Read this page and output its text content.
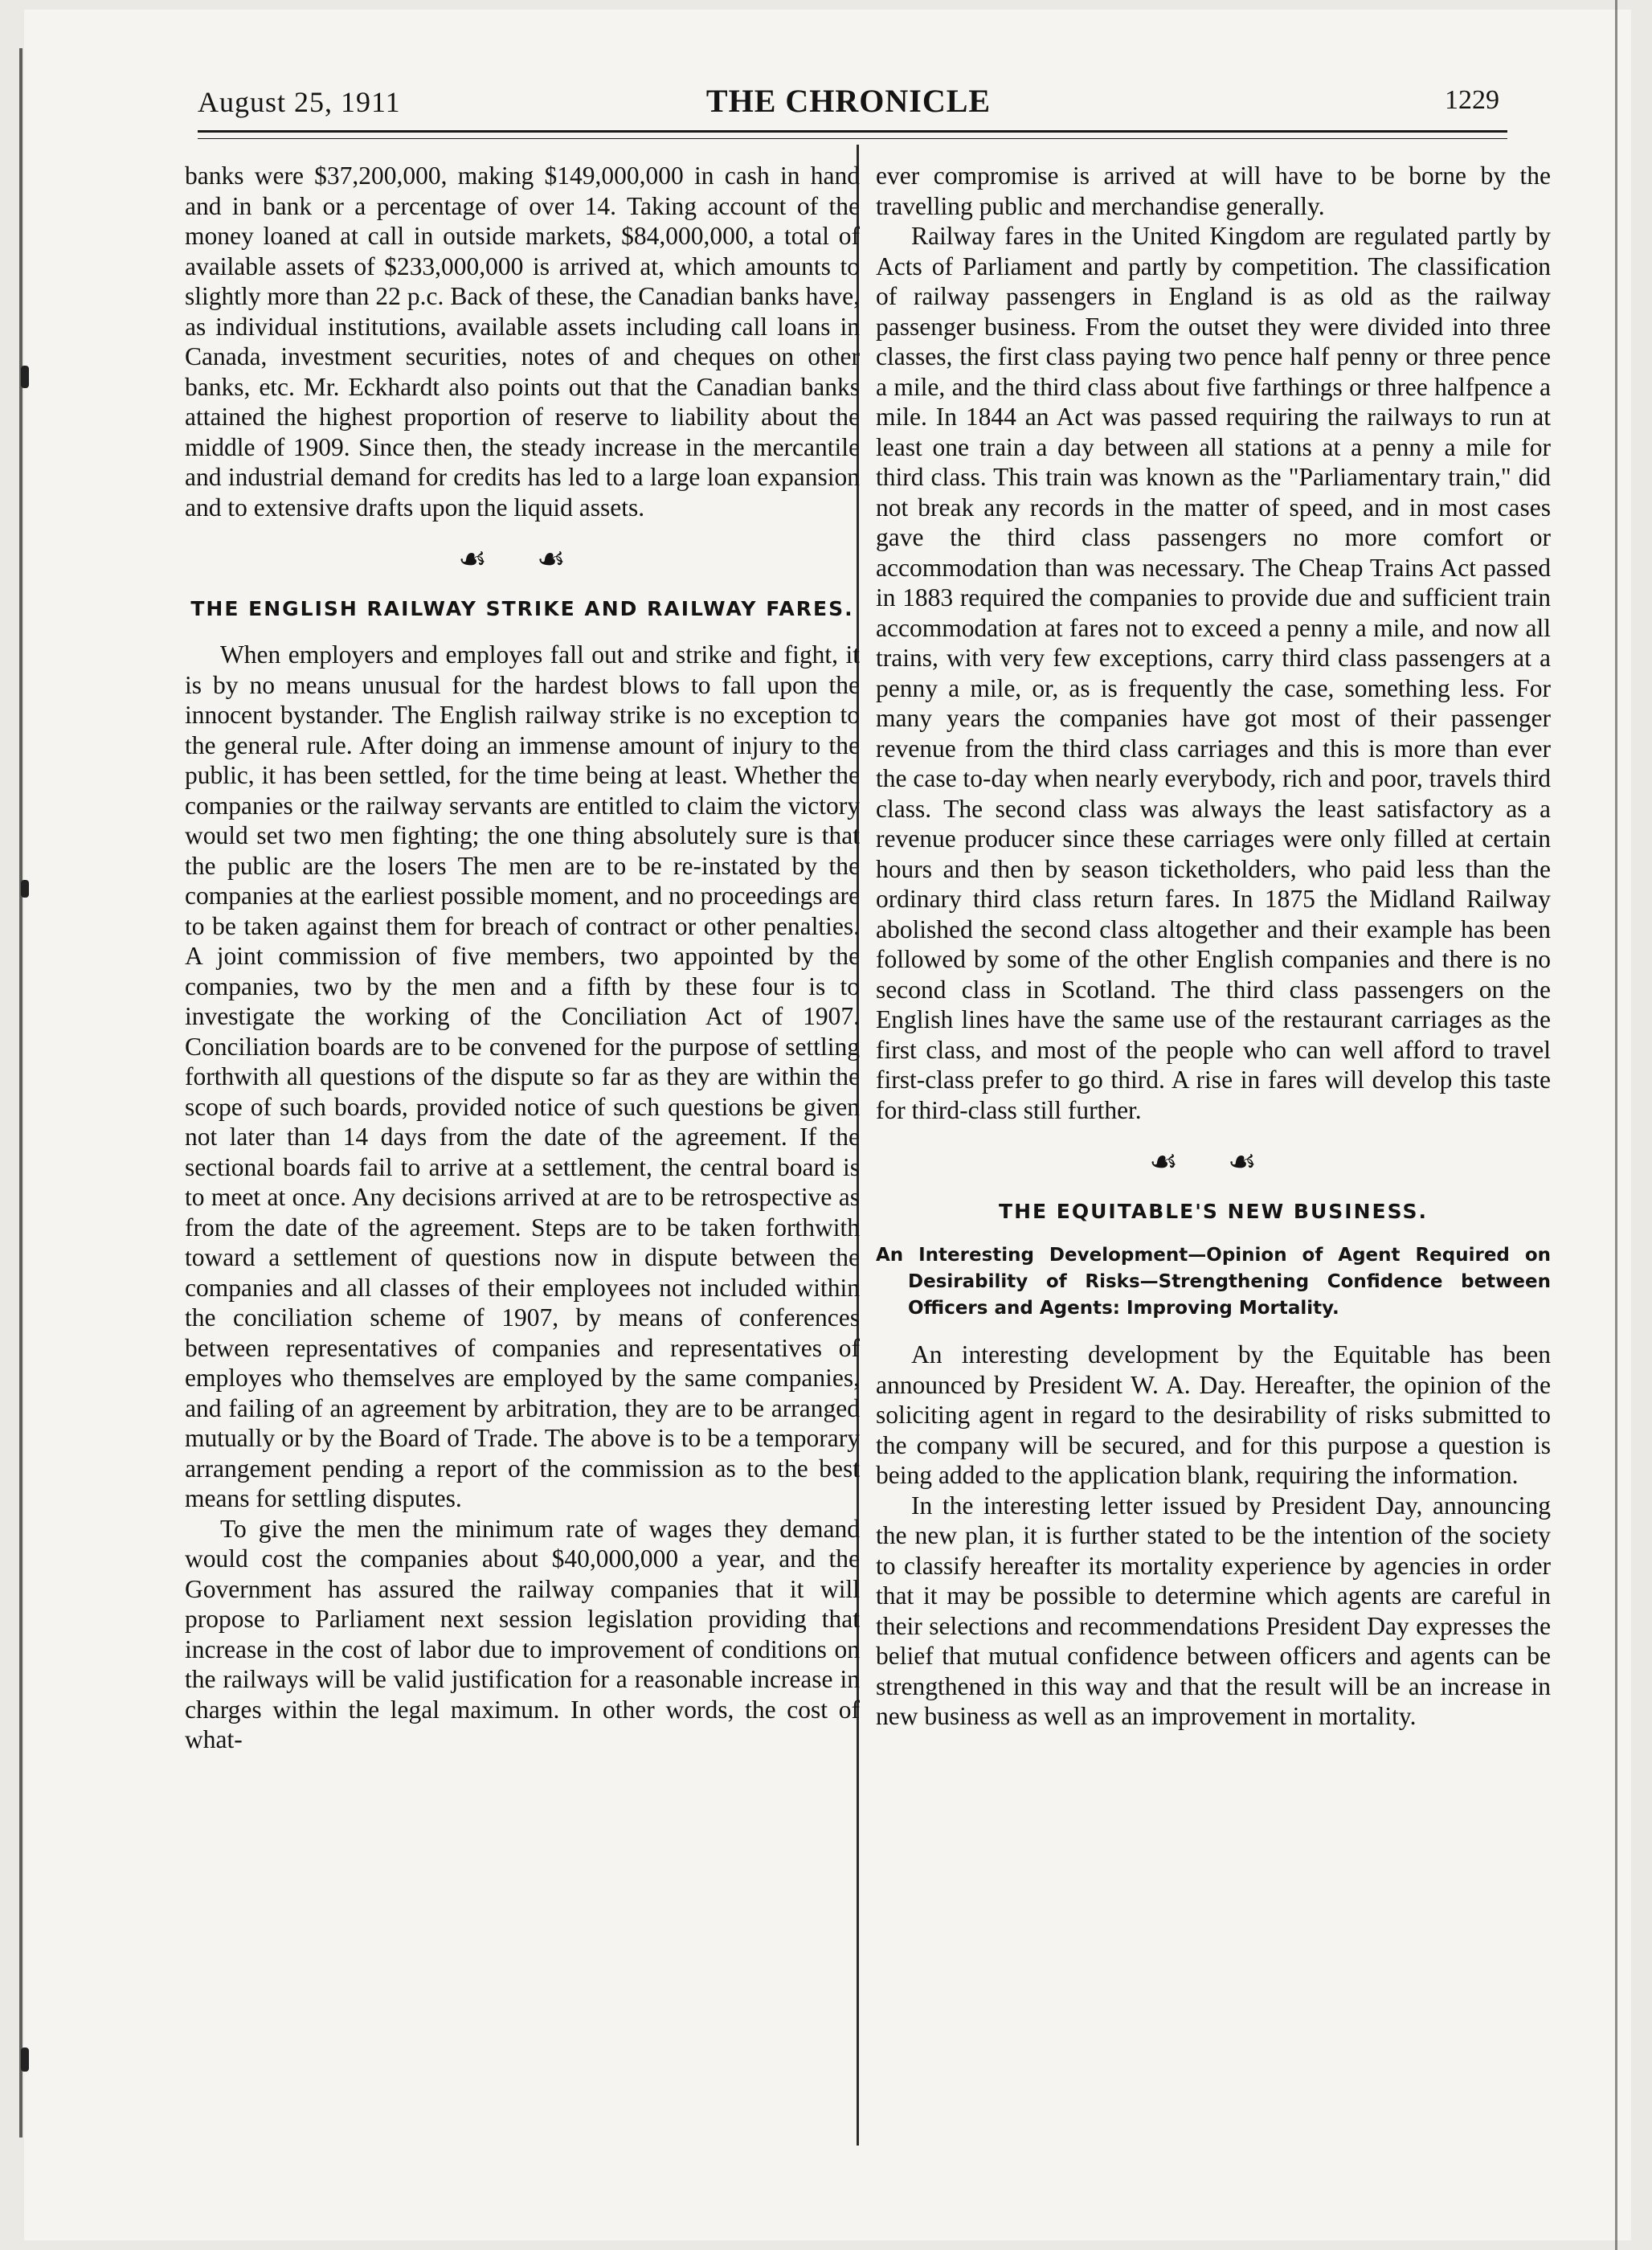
August 25, 1911	THE CHRONICLE	1229

banks were $37,200,000, making $149,000,000 in cash in hand and in bank or a percentage of over 14. Taking account of the money loaned at call in outside markets, $84,000,000, a total of available assets of $233,000,000 is arrived at, which amounts to slightly more than 22 p.c. Back of these, the Canadian banks have, as individual institutions, available assets including call loans in Canada, investment securities, notes of and cheques on other banks, etc. Mr. Eckhardt also points out that the Canadian banks attained the highest proportion of reserve to liability about the middle of 1909. Since then, the steady increase in the mercantile and industrial demand for credits has led to a large loan expansion and to extensive drafts upon the liquid assets.

☙ ☙
THE ENGLISH RAILWAY STRIKE AND RAILWAY FARES.

When employers and employes fall out and strike and fight, it is by no means unusual for the hardest blows to fall upon the innocent bystander. The English railway strike is no exception to the general rule. After doing an immense amount of injury to the public, it has been settled, for the time being at least. Whether the companies or the railway servants are entitled to claim the victory would set two men fighting; the one thing absolutely sure is that the public are the losers The men are to be re-instated by the companies at the earliest possible moment, and no proceedings are to be taken against them for breach of contract or other penalties. A joint commission of five members, two appointed by the companies, two by the men and a fifth by these four is to investigate the working of the Conciliation Act of 1907. Conciliation boards are to be convened for the purpose of settling forthwith all questions of the dispute so far as they are within the scope of such boards, provided notice of such questions be given not later than 14 days from the date of the agreement. If the sectional boards fail to arrive at a settlement, the central board is to meet at once. Any decisions arrived at are to be retrospective as from the date of the agreement. Steps are to be taken forthwith toward a settlement of questions now in dispute between the companies and all classes of their employees not included within the conciliation scheme of 1907, by means of conferences between representatives of companies and representatives of employes who themselves are employed by the same companies, and failing of an agreement by arbitration, they are to be arranged mutually or by the Board of Trade. The above is to be a temporary arrangement pending a report of the commission as to the best means for settling disputes.

To give the men the minimum rate of wages they demand would cost the companies about $40,000,000 a year, and the Government has assured the railway companies that it will propose to Parliament next session legislation providing that increase in the cost of labor due to improvement of conditions on the railways will be valid justification for a reasonable increase in charges within the legal maximum. In other words, the cost of what-

ever compromise is arrived at will have to be borne by the travelling public and merchandise generally.

Railway fares in the United Kingdom are regulated partly by Acts of Parliament and partly by competition. The classification of railway passengers in England is as old as the railway passenger business. From the outset they were divided into three classes, the first class paying two pence half penny or three pence a mile, and the third class about five farthings or three halfpence a mile. In 1844 an Act was passed requiring the railways to run at least one train a day between all stations at a penny a mile for third class. This train was known as the "Parliamentary train," did not break any records in the matter of speed, and in most cases gave the third class passengers no more comfort or accommodation than was necessary. The Cheap Trains Act passed in 1883 required the companies to provide due and sufficient train accommodation at fares not to exceed a penny a mile, and now all trains, with very few exceptions, carry third class passengers at a penny a mile, or, as is frequently the case, something less. For many years the companies have got most of their passenger revenue from the third class carriages and this is more than ever the case to-day when nearly everybody, rich and poor, travels third class. The second class was always the least satisfactory as a revenue producer since these carriages were only filled at certain hours and then by season ticketholders, who paid less than the ordinary third class return fares. In 1875 the Midland Railway abolished the second class altogether and their example has been followed by some of the other English companies and there is no second class in Scotland. The third class passengers on the English lines have the same use of the restaurant carriages as the first class, and most of the people who can well afford to travel first-class prefer to go third. A rise in fares will develop this taste for third-class still further.

☙ ☙
THE EQUITABLE'S NEW BUSINESS.
An Interesting Development—Opinion of Agent Required on Desirability of Risks—Strengthening Confidence between Officers and Agents: Improving Mortality.

An interesting development by the Equitable has been announced by President W. A. Day. Hereafter, the opinion of the soliciting agent in regard to the desirability of risks submitted to the company will be secured, and for this purpose a question is being added to the application blank, requiring the information.

In the interesting letter issued by President Day, announcing the new plan, it is further stated to be the intention of the society to classify hereafter its mortality experience by agencies in order that it may be possible to determine which agents are careful in their selections and recommendations President Day expresses the belief that mutual confidence between officers and agents can be strengthened in this way and that the result will be an increase in new business as well as an improvement in mortality.
